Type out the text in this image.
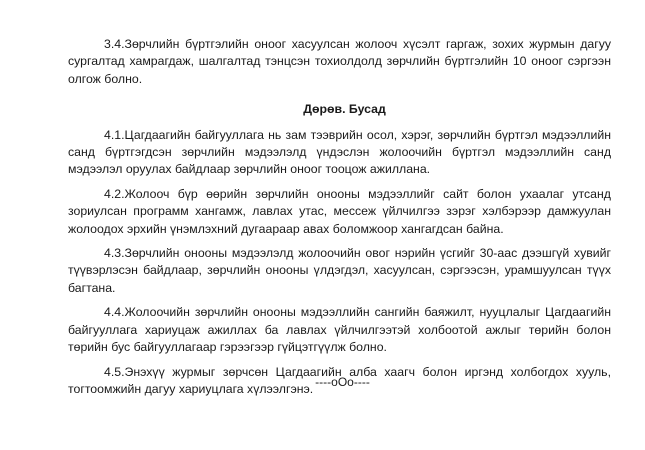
3.4.Зөрчлийн бүртгэлийн оноог хасуулсан жолооч хүсэлт гаргаж, зохих журмын дагуу сургалтад хамрагдаж, шалгалтад тэнцсэн тохиолдолд зөрчлийн бүртгэлийн 10 оноог сэргээн олгож болно.

Дөрөв. Бусад

4.1.Цагдаагийн байгууллага нь зам тээврийн осол, хэрэг, зөрчлийн бүртгэл мэдээллийн санд бүртгэгдсэн зөрчлийн мэдээлэлд үндэслэн жолоочийн бүртгэл мэдээллийн санд мэдээлэл оруулах байдлаар зөрчлийн оноог тооцож ажиллана.

4.2.Жолооч бүр өөрийн зөрчлийн онооны мэдээллийг сайт болон ухаалаг утсанд зориулсан программ хангамж, лавлах утас, мессеж үйлчилгээ зэрэг хэлбэрээр дамжуулан жолоодох эрхийн үнэмлэхний дугаараар авах боломжоор хангагдсан байна.

4.3.Зөрчлийн онооны мэдээлэлд жолоочийн овог нэрийн үсгийг 30-аас дээшгүй хувийг түүвэрлэсэн байдлаар, зөрчлийн онооны үлдэгдэл, хасуулсан, сэргээсэн, урамшуулсан түүх багтана.

4.4.Жолоочийн зөрчлийн онооны мэдээллийн сангийн баяжилт, нууцлалыг Цагдаагийн байгууллага хариуцаж ажиллах ба лавлах үйлчилгээтэй холбоотой ажлыг төрийн болон төрийн бус байгууллагаар гэрээгээр гүйцэтгүүлж болно.

4.5.Энэхүү журмыг зөрчсөн Цагдаагийн алба хаагч болон иргэнд холбогдох хууль, тогтоомжийн дагуу хариуцлага хүлээлгэнэ. ----oOo----
